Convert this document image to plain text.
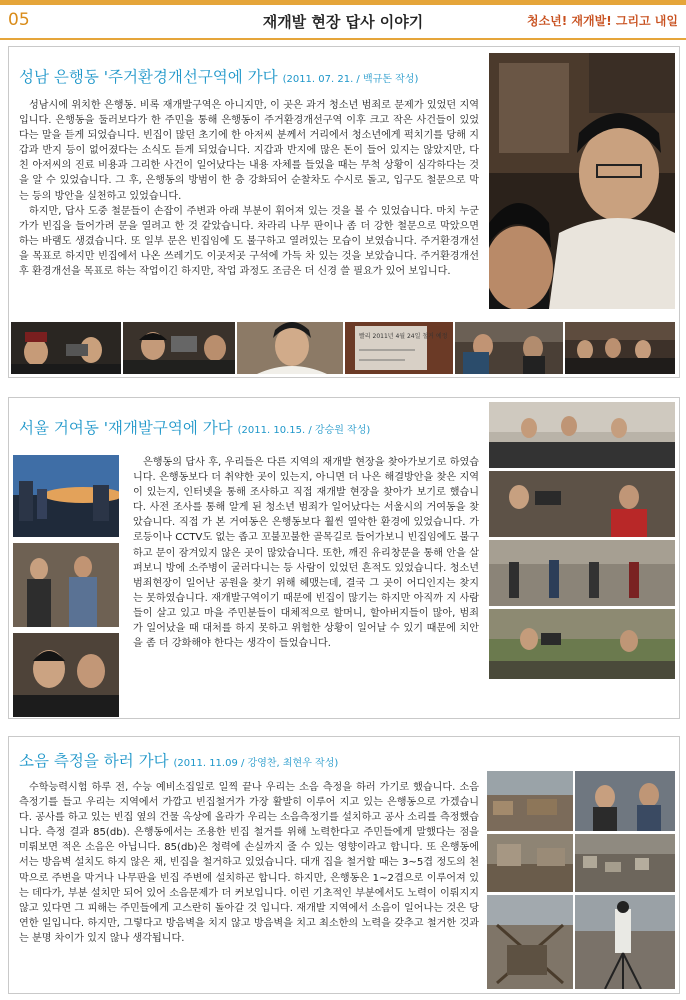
05	재개발 현장 답사 이야기	청소년! 재개발! 그리고 내일
성남 은행동 '주거환경개선구역에 가다 (2011. 07. 21. / 백규돈 작성)

성남시에 위치한 은행동. 비록 재개발구역은 아니지만, 이 곳은 과거 청소년 범죄로 문제가 있었던 지역입니다. 은행동을 둘러보다가 한 주민을 통해 은행동이 주거환경개선구역 이후 크고 작은 사건들이 있었다는 말을 듣게 되었습니다. 빈집이 많던 초기에 한 아저씨 분께서 거리에서 청소년에게 퍽치기를 당해 지갑과 반지 등이 없어졌다는 소식도 듣게 되었습니다. 지갑과 반지에 많은 돈이 들어 있지는 않았지만, 다친 아저씨의 진료 비용과 그리한 사건이 일어났다는 내용 자체를 들었을 때는 무척 상황이 심각하다는 것을 알 수 있었습니다. 그 후, 은행동의 방범이 한 층 강화되어 순찰차도 수시로 돌고, 입구도 철문으로 막는 등의 방안을 실천하고 있었습니다.

하지만, 답사 도중 철문들이 손잡이 주변과 아래 부분이 휘어져 있는 것을 볼 수 있었습니다. 마치 누군가가 빈집을 들어가려 문을 열려고 한 것 같았습니다. 차라리 나무 판이나 좀 더 강한 철문으로 막았으면 하는 바램도 생겼습니다. 또 일부 문은 빈집임에 도 불구하고 열려있는 모습이 보였습니다. 주거환경개선을 목표로 하지만 빈집에서 나온 쓰레기도 이곳저곳 구석에 가득 차 있는 것을 보았습니다. 주거환경개선 후 환경개선을 목표로 하는 작업이긴 하지만, 작업 과정도 조금은 더 신경 쓸 필요가 있어 보입니다.

빨리 2011년 4월 24일 철거 예정
서울 거여동 '재개발구역에 가다 (2011. 10.15. / 강승원 작성)

은행동의 답사 후, 우리들은 다른 지역의 재개발 현장을 찾아가보기로 하였습니다. 은행동보다 더 취약한 곳이 있는지, 아니면 더 나은 해결방안을 찾은 지역이 있는지, 인터넷을 통해 조사하고 직접 재개발 현장을 찾아가 보기로 했습니다. 사전 조사를 통해 알게 된 청소년 범죄가 일어났다는 서울시의 거여동을 찾았습니다. 직접 가 본 거여동은 은행동보다 훨씬 열악한 환경에 있었습니다. 가로등이나 CCTV도 없는 좁고 꼬불꼬불한 골목길로 들어가보니 빈집임에도 불구하고 문이 잠겨있지 않은 곳이 많았습니다. 또한, 깨진 유리창문을 통해 안을 살펴보니 방에 소주병이 굴러다니는 등 사람이 있었던 흔적도 있었습니다. 청소년 범죄현장이 일어난 공원을 찾기 위해 헤맸는데, 결국 그 곳이 어디인지는 찾지는 못하였습니다. 재개발구역이기 때문에 빈집이 많기는 하지만 아직까 지 사람들이 살고 있고 마을 주민분들이 대체적으로 할머니, 할아버지들이 많아, 범죄가 일어났을 때 대처를 하지 못하고 위험한 상황이 일어날 수 있기 때문에 치안을 좀 더 강화해야 한다는 생각이 들었습니다.

소음 측정을 하러 가다 (2011. 11.09 / 강영찬, 최현우 작성)

수학능력시험 하루 전, 수능 예비소집일로 일찍 끝나 우리는 소음 측정을 하러 가기로 했습니다. 소음 측정기를 들고 우리는 지역에서 가깝고 빈집철거가 가장 활발히 이루어 지고 있는 은행동으로 가겠습니다. 공사를 하고 있는 빈집 옆의 건물 옥상에 올라가 우리는 소음측정기를 설치하고 공사 소리를 측정했습니다. 측정 결과 85(db). 은행동에서는 조용한 빈집 철거를 위해 노력한다고 주민들에게 말했다는 점을 미뤄보면 적은 소음은 아닙니다. 85(db)은 청력에 손실까지 줄 수 있는 영향이라고 합니다. 또 은행동에서는 방음벽 설치도 하지 않은 채, 빈집을 철거하고 있었습니다. 대개 집을 철거할 때는 3~5겹 정도의 천막으로 주변을 막거나 나무판을 빈집 주변에 설치하곤 합니다. 하지만, 은행동은 1~2겹으로 이루어져 있는 데다가, 부분 설치만 되어 있어 소음문제가 더 커보입니다. 이런 기초적인 부분에서도 노력이 이뤄지지 않고 있다면 그 피해는 주민들에게 고스란히 돌아갈 것 입니다. 재개발 지역에서 소음이 일어나는 것은 당연한 일입니다. 하지만, 그렇다고 방음벽을 치지 않고 방음벽을 치고 최소한의 노력을 갖추고 철거한 것과는 분명 차이가 있지 않나 생각됩니다.
